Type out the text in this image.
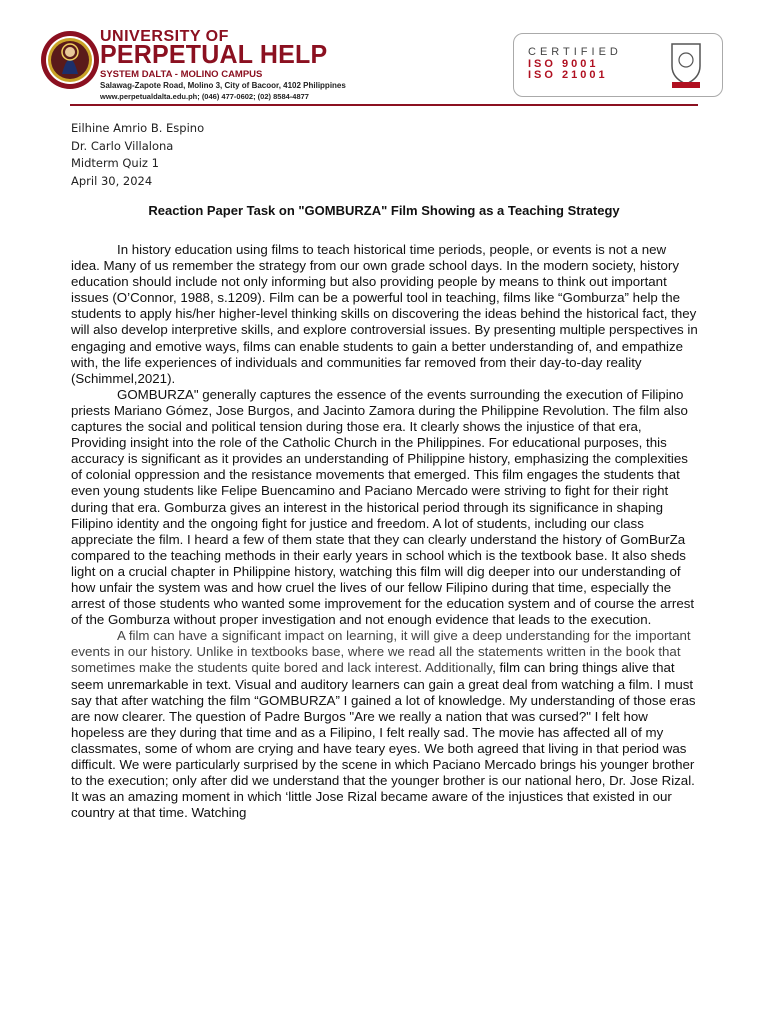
UNIVERSITY OF
PERPETUAL HELP
SYSTEM DALTA - MOLINO CAMPUS
Salawag-Zapote Road, Molino 3, City of Bacoor, 4102 Philippines
www.perpetualdalta.edu.ph; (046) 477-0602; (02) 8584-4877
CERTIFIED
ISO 9001
ISO 21001
Eilhine Amrio B. Espino
Dr. Carlo Villalona
Midterm Quiz 1
April 30, 2024
Reaction Paper Task on "GOMBURZA" Film Showing as a Teaching Strategy

In history education using films to teach historical time periods, people, or events is not a new idea. Many of us remember the strategy from our own grade school days. In the modern society, history education should include not only informing but also providing people by means to think out important issues (O’Connor, 1988, s.1209). Film can be a powerful tool in teaching, films like “Gomburza” help the students to apply his/her higher-level thinking skills on discovering the ideas behind the historical fact, they will also develop interpretive skills, and explore controversial issues. By presenting multiple perspectives in engaging and emotive ways, films can enable students to gain a better understanding of, and empathize with, the life experiences of individuals and communities far removed from their day-to-day reality (Schimmel,2021).

GOMBURZA" generally captures the essence of the events surrounding the execution of Filipino priests Mariano Gómez, Jose Burgos, and Jacinto Zamora during the Philippine Revolution. The film also captures the social and political tension during those era. It clearly shows the injustice of that era, Providing insight into the role of the Catholic Church in the Philippines. For educational purposes, this accuracy is significant as it provides an understanding of Philippine history, emphasizing the complexities of colonial oppression and the resistance movements that emerged. This film engages the students that even young students like Felipe Buencamino and Paciano Mercado were striving to fight for their right during that era. Gomburza gives an interest in the historical period through its significance in shaping Filipino identity and the ongoing fight for justice and freedom. A lot of students, including our class appreciate the film. I heard a few of them state that they can clearly understand the history of GomBurZa compared to the teaching methods in their early years in school which is the textbook base. It also sheds light on a crucial chapter in Philippine history, watching this film will dig deeper into our understanding of how unfair the system was and how cruel the lives of our fellow Filipino during that time, especially the arrest of those students who wanted some improvement for the education system and of course the arrest of the Gomburza without proper investigation and not enough evidence that leads to the execution.

A film can have a significant impact on learning, it will give a deep understanding for the important events in our history. Unlike in textbooks base, where we read all the statements written in the book that sometimes make the students quite bored and lack interest. Additionally, film can bring things alive that seem unremarkable in text. Visual and auditory learners can gain a great deal from watching a film. I must say that after watching the film “GOMBURZA” I gained a lot of knowledge. My understanding of those eras are now clearer. The question of Padre Burgos "Are we really a nation that was cursed?" I felt how hopeless are they during that time and as a Filipino, I felt really sad. The movie has affected all of my classmates, some of whom are crying and have teary eyes. We both agreed that living in that period was difficult. We were particularly surprised by the scene in which Paciano Mercado brings his younger brother to the execution; only after did we understand that the younger brother is our national hero, Dr. Jose Rizal. It was an amazing moment in which ‘little Jose Rizal became aware of the injustices that existed in our country at that time. Watching
